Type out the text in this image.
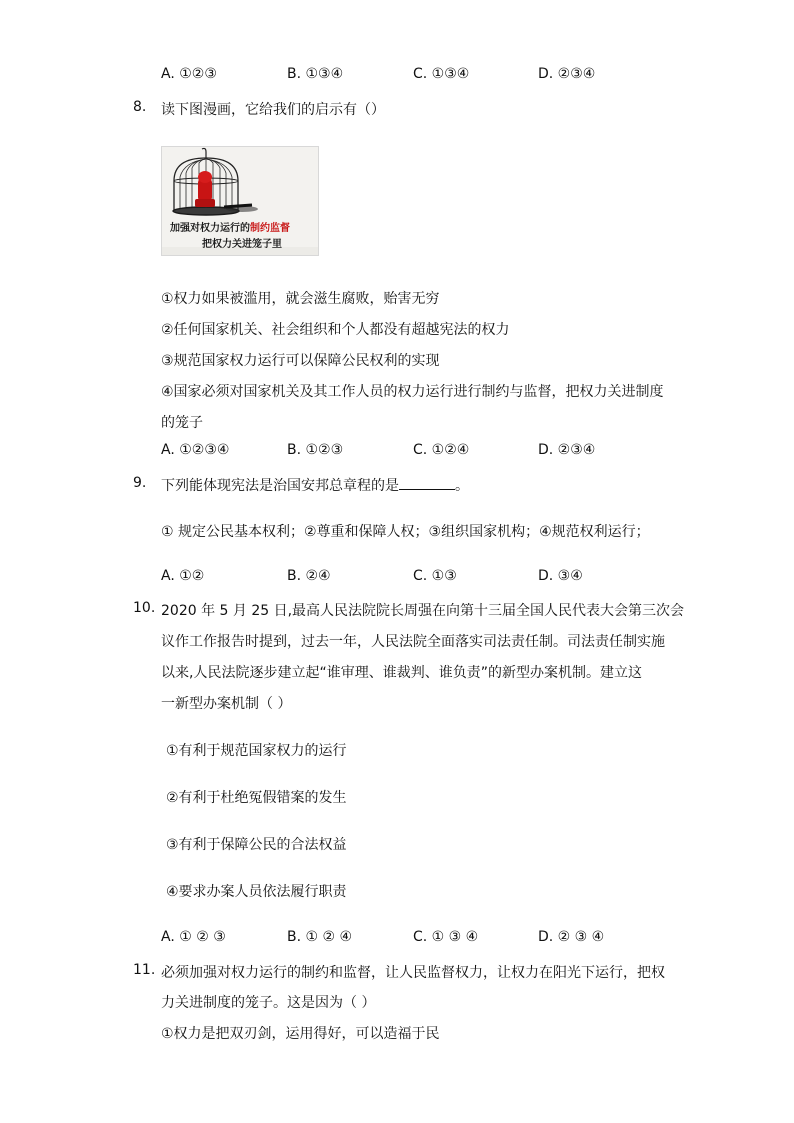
A. ①②③	B. ①③④	C. ①③④	D. ②③④
8. 读下图漫画，它给我们的启示有（）
加强对权力运行的制约监督
把权力关进笼子里
①权力如果被滥用，就会滋生腐败，贻害无穷
②任何国家机关、社会组织和个人都没有超越宪法的权力
③规范国家权力运行可以保障公民权利的实现
④国家必须对国家机关及其工作人员的权力运行进行制约与监督，把权力关进制度
的笼子
A. ①②③④	B. ①②③	C. ①②④	D. ②③④
9. 下列能体现宪法是治国安邦总章程的是	。
① 规定公民基本权利；②尊重和保障人权；③组织国家机构；④规范权利运行；
A. ①②	B. ②④	C. ①③	D. ③④
10. 2020 年 5 月 25 日,最高人民法院院长周强在向第十三届全国人民代表大会第三次会
议作工作报告时提到，过去一年，人民法院全面落实司法责任制。司法责任制实施
以来,人民法院逐步建立起“谁审理、谁裁判、谁负责”的新型办案机制。建立这
一新型办案机制（ ）
①有利于规范国家权力的运行
②有利于杜绝冤假错案的发生
③有利于保障公民的合法权益
④要求办案人员依法履行职责
A. ① ② ③	B. ① ② ④	C. ① ③ ④	D. ② ③ ④
11. 必须加强对权力运行的制约和监督，让人民监督权力，让权力在阳光下运行，把权
力关进制度的笼子。这是因为（ ）
①权力是把双刃剑，运用得好，可以造福于民
